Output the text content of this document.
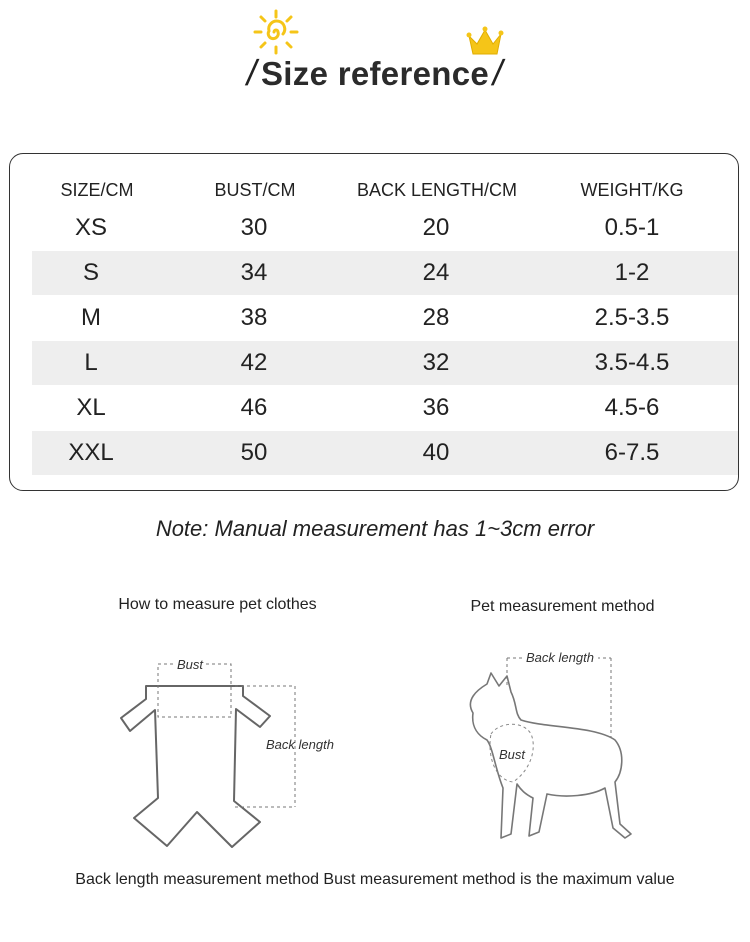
/Size reference/
SIZE/CM	BUST/CM	BACK LENGTH/CM	WEIGHT/KG
XS	30	20	0.5-1
S	34	24	1-2
M	38	28	2.5-3.5
L	42	32	3.5-4.5
XL	46	36	4.5-6
XXL	50	40	6-7.5
Note: Manual measurement has 1~3cm error
How to measure pet clothes
Bust
Back length
Pet measurement method
Back length
Bust
Back length measurement method Bust measurement method is the maximum value
